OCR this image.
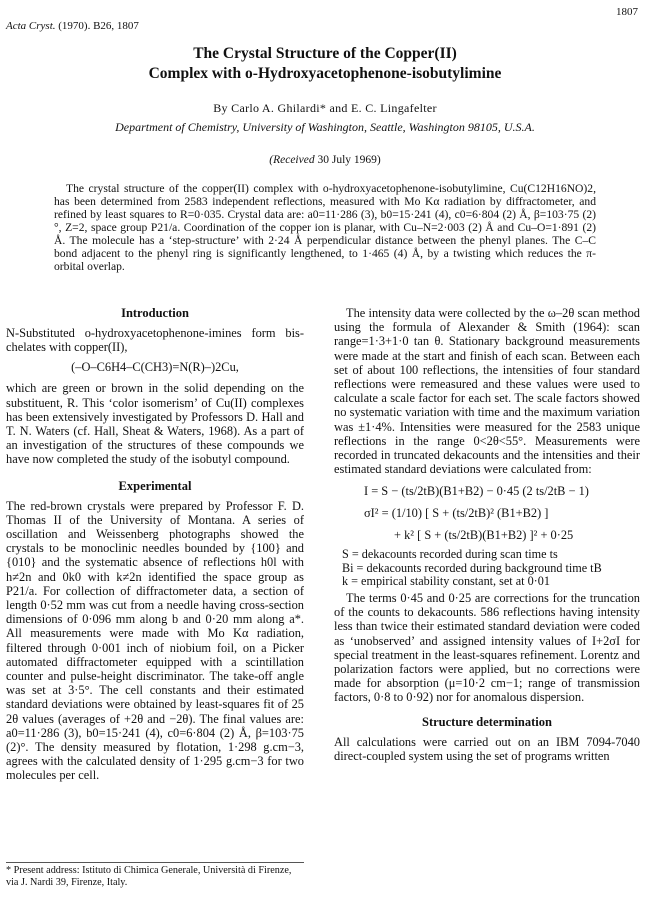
1807
Acta Cryst. (1970). B26, 1807
The Crystal Structure of the Copper(II)
Complex with o-Hydroxyacetophenone-isobutylimine
By Carlo A. Ghilardi* and E. C. Lingafelter
Department of Chemistry, University of Washington, Seattle, Washington 98105, U.S.A.
(Received 30 July 1969)
The crystal structure of the copper(II) complex with o-hydroxyacetophenone-isobutylimine, Cu(C12H16NO)2, has been determined from 2583 independent reflections, measured with Mo Kα radiation by diffractometer, and refined by least squares to R=0·035. Crystal data are: a0=11·286 (3), b0=15·241 (4), c0=6·804 (2) Å, β=103·75 (2)°, Z=2, space group P21/a. Coordination of the copper ion is planar, with Cu–N=2·003 (2) Å and Cu–O=1·891 (2) Å. The molecule has a ‘step-structure’ with 2·24 Å perpendicular distance between the phenyl planes. The C–C bond adjacent to the phenyl ring is significantly lengthened, to 1·465 (4) Å, by a twisting which reduces the π-orbital overlap.
Introduction

N-Substituted o-hydroxyacetophenone-imines form bis-chelates with copper(II),

(–O–C6H4–C(CH3)=N(R)–)2Cu,

which are green or brown in the solid depending on the substituent, R. This ‘color isomerism’ of Cu(II) complexes has been extensively investigated by Professors D. Hall and T. N. Waters (cf. Hall, Sheat & Waters, 1968). As a part of an investigation of the structures of these compounds we have now completed the study of the isobutyl compound.

Experimental

The red-brown crystals were prepared by Professor F. D. Thomas II of the University of Montana. A series of oscillation and Weissenberg photographs showed the crystals to be monoclinic needles bounded by {100} and {010} and the systematic absence of reflections h0l with h≠2n and 0k0 with k≠2n identified the space group as P21/a. For collection of diffractometer data, a section of length 0·52 mm was cut from a needle having cross-section dimensions of 0·096 mm along b and 0·20 mm along a*. All measurements were made with Mo Kα radiation, filtered through 0·001 inch of niobium foil, on a Picker automated diffractometer equipped with a scintillation counter and pulse-height discriminator. The take-off angle was set at 3·5°. The cell constants and their estimated standard deviations were obtained by least-squares fit of 25 2θ values (averages of +2θ and −2θ). The final values are: a0=11·286 (3), b0=15·241 (4), c0=6·804 (2) Å, β=103·75 (2)°. The density measured by flotation, 1·298 g.cm−3, agrees with the calculated density of 1·295 g.cm−3 for two molecules per cell.

* Present address: Istituto di Chimica Generale, Università di Firenze, via J. Nardi 39, Firenze, Italy.

The intensity data were collected by the ω–2θ scan method using the formula of Alexander & Smith (1964): scan range=1·3+1·0 tan θ. Stationary background measurements were made at the start and finish of each scan. Between each set of about 100 reflections, the intensities of four standard reflections were remeasured and these values were used to calculate a scale factor for each set. The scale factors showed no systematic variation with time and the maximum variation was ±1·4%. Intensities were measured for the 2583 unique reflections in the range 0<2θ<55°. Measurements were recorded in truncated dekacounts and the intensities and their estimated standard deviations were calculated from:

I = S − (ts/2tB)(B1+B2) − 0·45 (2 ts/2tB − 1)
σI² = (1/10) [ S + (ts/2tB)² (B1+B2) ]
+ k² [ S + (ts/2tB)(B1+B2) ]² + 0·25
S = dekacounts recorded during scan time ts
Bi = dekacounts recorded during background time tB
k = empirical stability constant, set at 0·01

The terms 0·45 and 0·25 are corrections for the truncation of the counts to dekacounts. 586 reflections having intensity less than twice their estimated standard deviation were coded as ‘unobserved’ and assigned intensity values of I+2σI for special treatment in the least-squares refinement. Lorentz and polarization factors were applied, but no corrections were made for absorption (μ=10·2 cm−1; range of transmission factors, 0·8 to 0·92) nor for anomalous dispersion.

Structure determination

All calculations were carried out on an IBM 7094-7040 direct-coupled system using the set of programs written
